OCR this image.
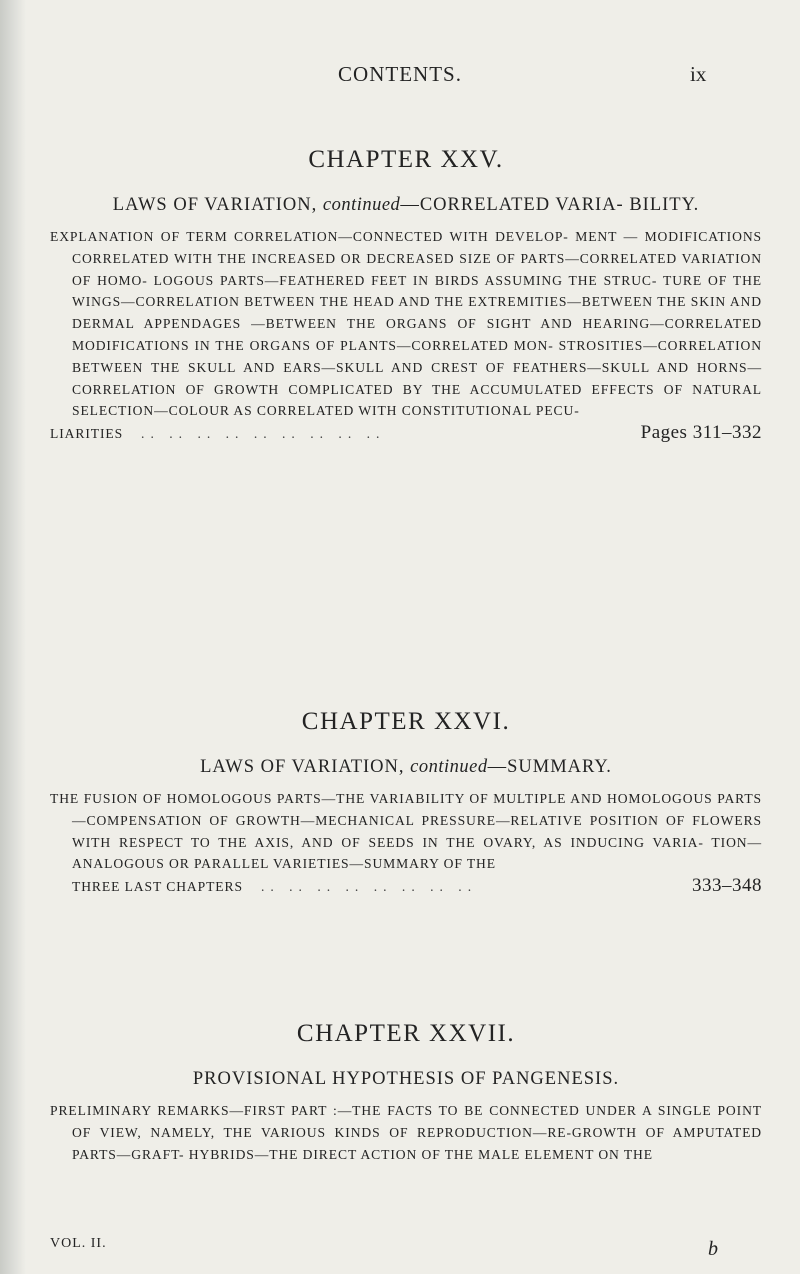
CONTENTS.	ix
CHAPTER XXV.
LAWS OF VARIATION, continued—CORRELATED VARIA- BILITY.

EXPLANATION OF TERM CORRELATION—CONNECTED WITH DEVELOP- MENT — MODIFICATIONS CORRELATED WITH THE INCREASED OR DECREASED SIZE OF PARTS—CORRELATED VARIATION OF HOMO- LOGOUS PARTS—FEATHERED FEET IN BIRDS ASSUMING THE STRUC- TURE OF THE WINGS—CORRELATION BETWEEN THE HEAD AND THE EXTREMITIES—BETWEEN THE SKIN AND DERMAL APPENDAGES —BETWEEN THE ORGANS OF SIGHT AND HEARING—CORRELATED MODIFICATIONS IN THE ORGANS OF PLANTS—CORRELATED MON- STROSITIES—CORRELATION BETWEEN THE SKULL AND EARS—SKULL AND CREST OF FEATHERS—SKULL AND HORNS—CORRELATION OF GROWTH COMPLICATED BY THE ACCUMULATED EFFECTS OF NATURAL SELECTION—COLOUR AS CORRELATED WITH CONSTITUTIONAL PECU-

LIARITIES	.. .. .. .. .. .. .. .. ..	Pages 311–332
CHAPTER XXVI.
LAWS OF VARIATION, continued—SUMMARY.

THE FUSION OF HOMOLOGOUS PARTS—THE VARIABILITY OF MULTIPLE AND HOMOLOGOUS PARTS—COMPENSATION OF GROWTH—MECHANICAL PRESSURE—RELATIVE POSITION OF FLOWERS WITH RESPECT TO THE AXIS, AND OF SEEDS IN THE OVARY, AS INDUCING VARIA- TION—ANALOGOUS OR PARALLEL VARIETIES—SUMMARY OF THE

THREE LAST CHAPTERS	.. .. .. .. .. .. .. ..	333–348
CHAPTER XXVII.
PROVISIONAL HYPOTHESIS OF PANGENESIS.

PRELIMINARY REMARKS—FIRST PART :—THE FACTS TO BE CONNECTED UNDER A SINGLE POINT OF VIEW, NAMELY, THE VARIOUS KINDS OF REPRODUCTION—RE-GROWTH OF AMPUTATED PARTS—GRAFT- HYBRIDS—THE DIRECT ACTION OF THE MALE ELEMENT ON THE

VOL. II.	b
